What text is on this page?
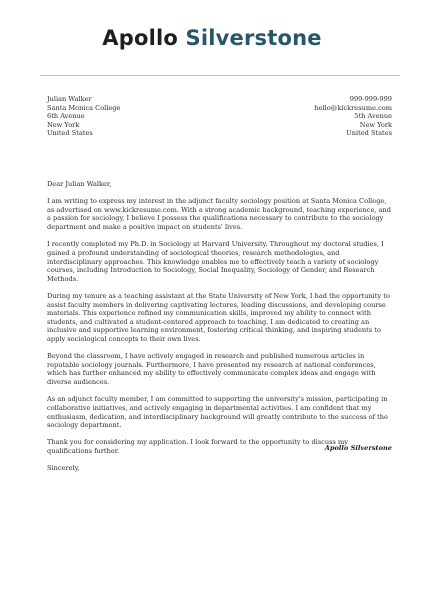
Apollo Silverstone
Julian Walker
Santa Monica College
6th Avenue
New York
United States
999-999-999
hello@kickresume.com
5th Avenue
New York
United States

Dear Julian Walker,

I am writing to express my interest in the adjunct faculty sociology position at Santa Monica College, as advertised on www.kickresume.com. With a strong academic background, teaching experience, and a passion for sociology, I believe I possess the qualifications necessary to contribute to the sociology department and make a positive impact on students' lives.

I recently completed my Ph.D. in Sociology at Harvard University. Throughout my doctoral studies, I gained a profound understanding of sociological theories, research methodologies, and interdisciplinary approaches. This knowledge enables me to effectively teach a variety of sociology courses, including Introduction to Sociology, Social Inequality, Sociology of Gender, and Research Methods.

During my tenure as a teaching assistant at the State University of New York, I had the opportunity to assist faculty members in delivering captivating lectures, leading discussions, and developing course materials. This experience refined my communication skills, improved my ability to connect with students, and cultivated a student-centered approach to teaching. I am dedicated to creating an inclusive and supportive learning environment, fostering critical thinking, and inspiring students to apply sociological concepts to their own lives.

Beyond the classroom, I have actively engaged in research and published numerous articles in reputable sociology journals. Furthermore, I have presented my research at national conferences, which has further enhanced my ability to effectively communicate complex ideas and engage with diverse audiences.

As an adjunct faculty member, I am committed to supporting the university's mission, participating in collaborative initiatives, and actively engaging in departmental activities. I am confident that my enthusiasm, dedication, and interdisciplinary background will greatly contribute to the success of the sociology department.

Thank you for considering my application. I look forward to the opportunity to discuss my qualifications further.

Sincerely,

Apollo Silverstone
